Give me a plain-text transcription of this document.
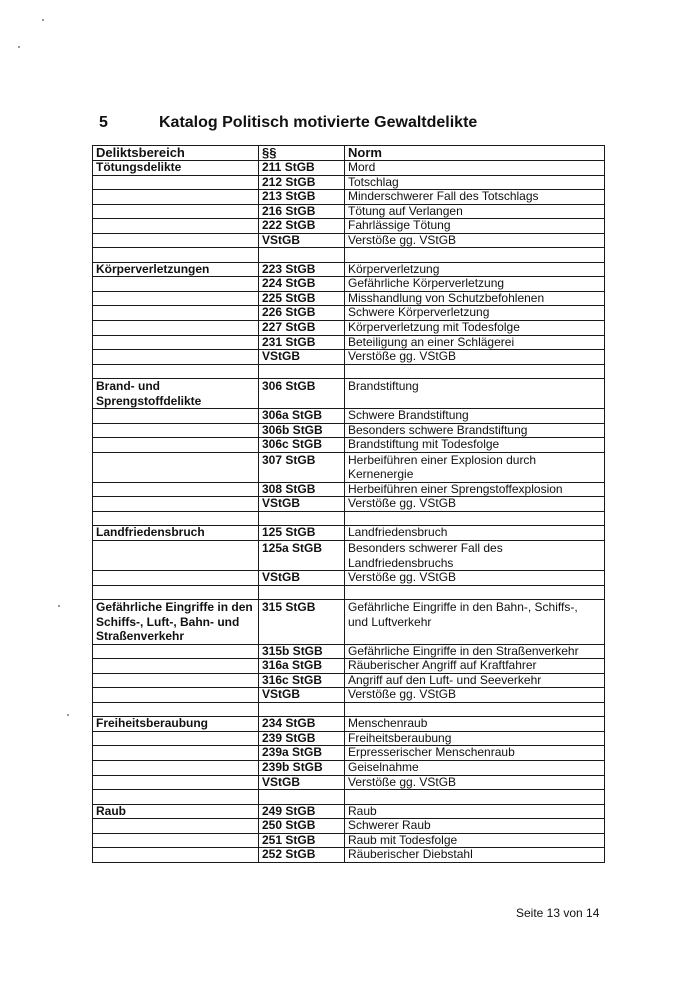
5	Katalog Politisch motivierte Gewaltdelikte
Deliktsbereich	§§	Norm
Tötungsdelikte	211 StGB	Mord
	212 StGB	Totschlag
	213 StGB	Minderschwerer Fall des Totschlags
	216 StGB	Tötung auf Verlangen
	222 StGB	Fahrlässige Tötung
	VStGB	Verstöße gg. VStGB

Körperverletzungen	223 StGB	Körperverletzung
	224 StGB	Gefährliche Körperverletzung
	225 StGB	Misshandlung von Schutzbefohlenen
	226 StGB	Schwere Körperverletzung
	227 StGB	Körperverletzung mit Todesfolge
	231 StGB	Beteiligung an einer Schlägerei
	VStGB	Verstöße gg. VStGB

Brand- und Sprengstoffdelikte	306 StGB	Brandstiftung
	306a StGB	Schwere Brandstiftung
	306b StGB	Besonders schwere Brandstiftung
	306c StGB	Brandstiftung mit Todesfolge
	307 StGB	Herbeiführen einer Explosion durch Kernenergie
	308 StGB	Herbeiführen einer Sprengstoffexplosion
	VStGB	Verstöße gg. VStGB

Landfriedensbruch	125 StGB	Landfriedensbruch
	125a StGB	Besonders schwerer Fall des Landfriedensbruchs
	VStGB	Verstöße gg. VStGB

Gefährliche Eingriffe in den Schiffs-, Luft-, Bahn- und Straßenverkehr	315 StGB	Gefährliche Eingriffe in den Bahn-, Schiffs-, und Luftverkehr
	315b StGB	Gefährliche Eingriffe in den Straßenverkehr
	316a StGB	Räuberischer Angriff auf Kraftfahrer
	316c StGB	Angriff auf den Luft- und Seeverkehr
	VStGB	Verstöße gg. VStGB

Freiheitsberaubung	234 StGB	Menschenraub
	239 StGB	Freiheitsberaubung
	239a StGB	Erpresserischer Menschenraub
	239b StGB	Geiselnahme
	VStGB	Verstöße gg. VStGB

Raub	249 StGB	Raub
	250 StGB	Schwerer Raub
	251 StGB	Raub mit Todesfolge
	252 StGB	Räuberischer Diebstahl
Seite 13 von 14
